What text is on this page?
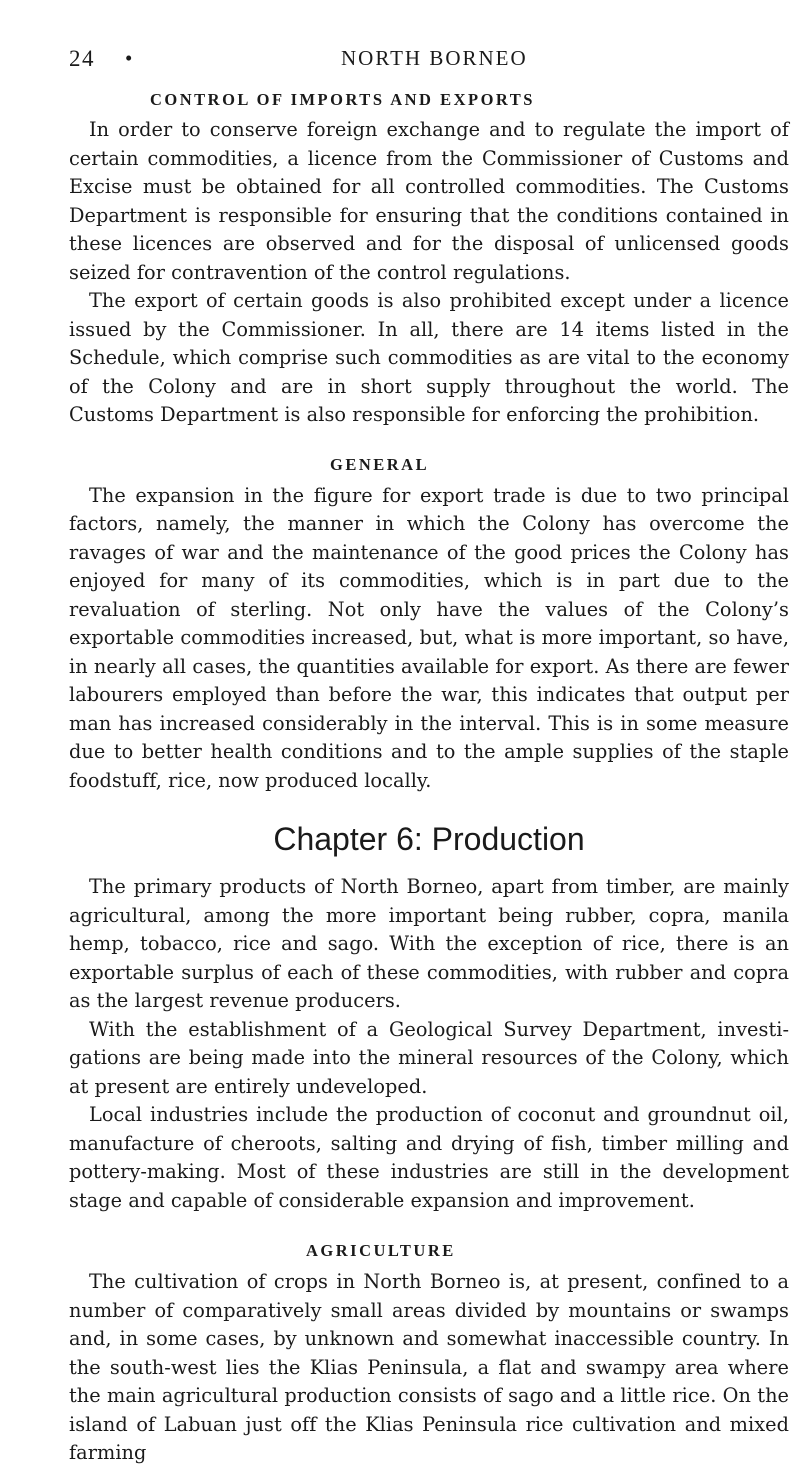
24 •	NORTH BORNEO
CONTROL OF IMPORTS AND EXPORTS

In order to conserve foreign exchange and to regulate the import of certain commodities, a licence from the Commissioner of Customs and Excise must be obtained for all controlled commodities. The Customs Department is responsible for ensuring that the conditions contained in these licences are observed and for the disposal of unlicensed goods seized for contravention of the control regulations.

The export of certain goods is also prohibited except under a licence issued by the Commissioner. In all, there are 14 items listed in the Schedule, which comprise such commodities as are vital to the economy of the Colony and are in short supply throughout the world. The Customs Department is also responsible for enforcing the prohibition.

GENERAL

The expansion in the figure for export trade is due to two principal factors, namely, the manner in which the Colony has overcome the ravages of war and the maintenance of the good prices the Colony has enjoyed for many of its commodities, which is in part due to the revaluation of sterling. Not only have the values of the Colony’s exportable commodities increased, but, what is more important, so have, in nearly all cases, the quantities available for export. As there are fewer labourers employed than before the war, this indicates that output per man has increased considerably in the interval. This is in some measure due to better health conditions and to the ample supplies of the staple foodstuff, rice, now produced locally.

Chapter 6: Production

The primary products of North Borneo, apart from timber, are mainly agricultural, among the more important being rubber, copra, manila hemp, tobacco, rice and sago. With the exception of rice, there is an exportable surplus of each of these commodities, with rubber and copra as the largest revenue producers.

With the establishment of a Geological Survey Department, investigations are being made into the mineral resources of the Colony, which at present are entirely undeveloped.

Local industries include the production of coconut and groundnut oil, manufacture of cheroots, salting and drying of fish, timber milling and pottery-making. Most of these industries are still in the development stage and capable of considerable expansion and improvement.

AGRICULTURE

The cultivation of crops in North Borneo is, at present, confined to a number of comparatively small areas divided by mountains or swamps and, in some cases, by unknown and somewhat inaccessible country. In the south-west lies the Klias Peninsula, a flat and swampy area where the main agricultural production consists of sago and a little rice. On the island of Labuan just off the Klias Peninsula rice cultivation and mixed farming
